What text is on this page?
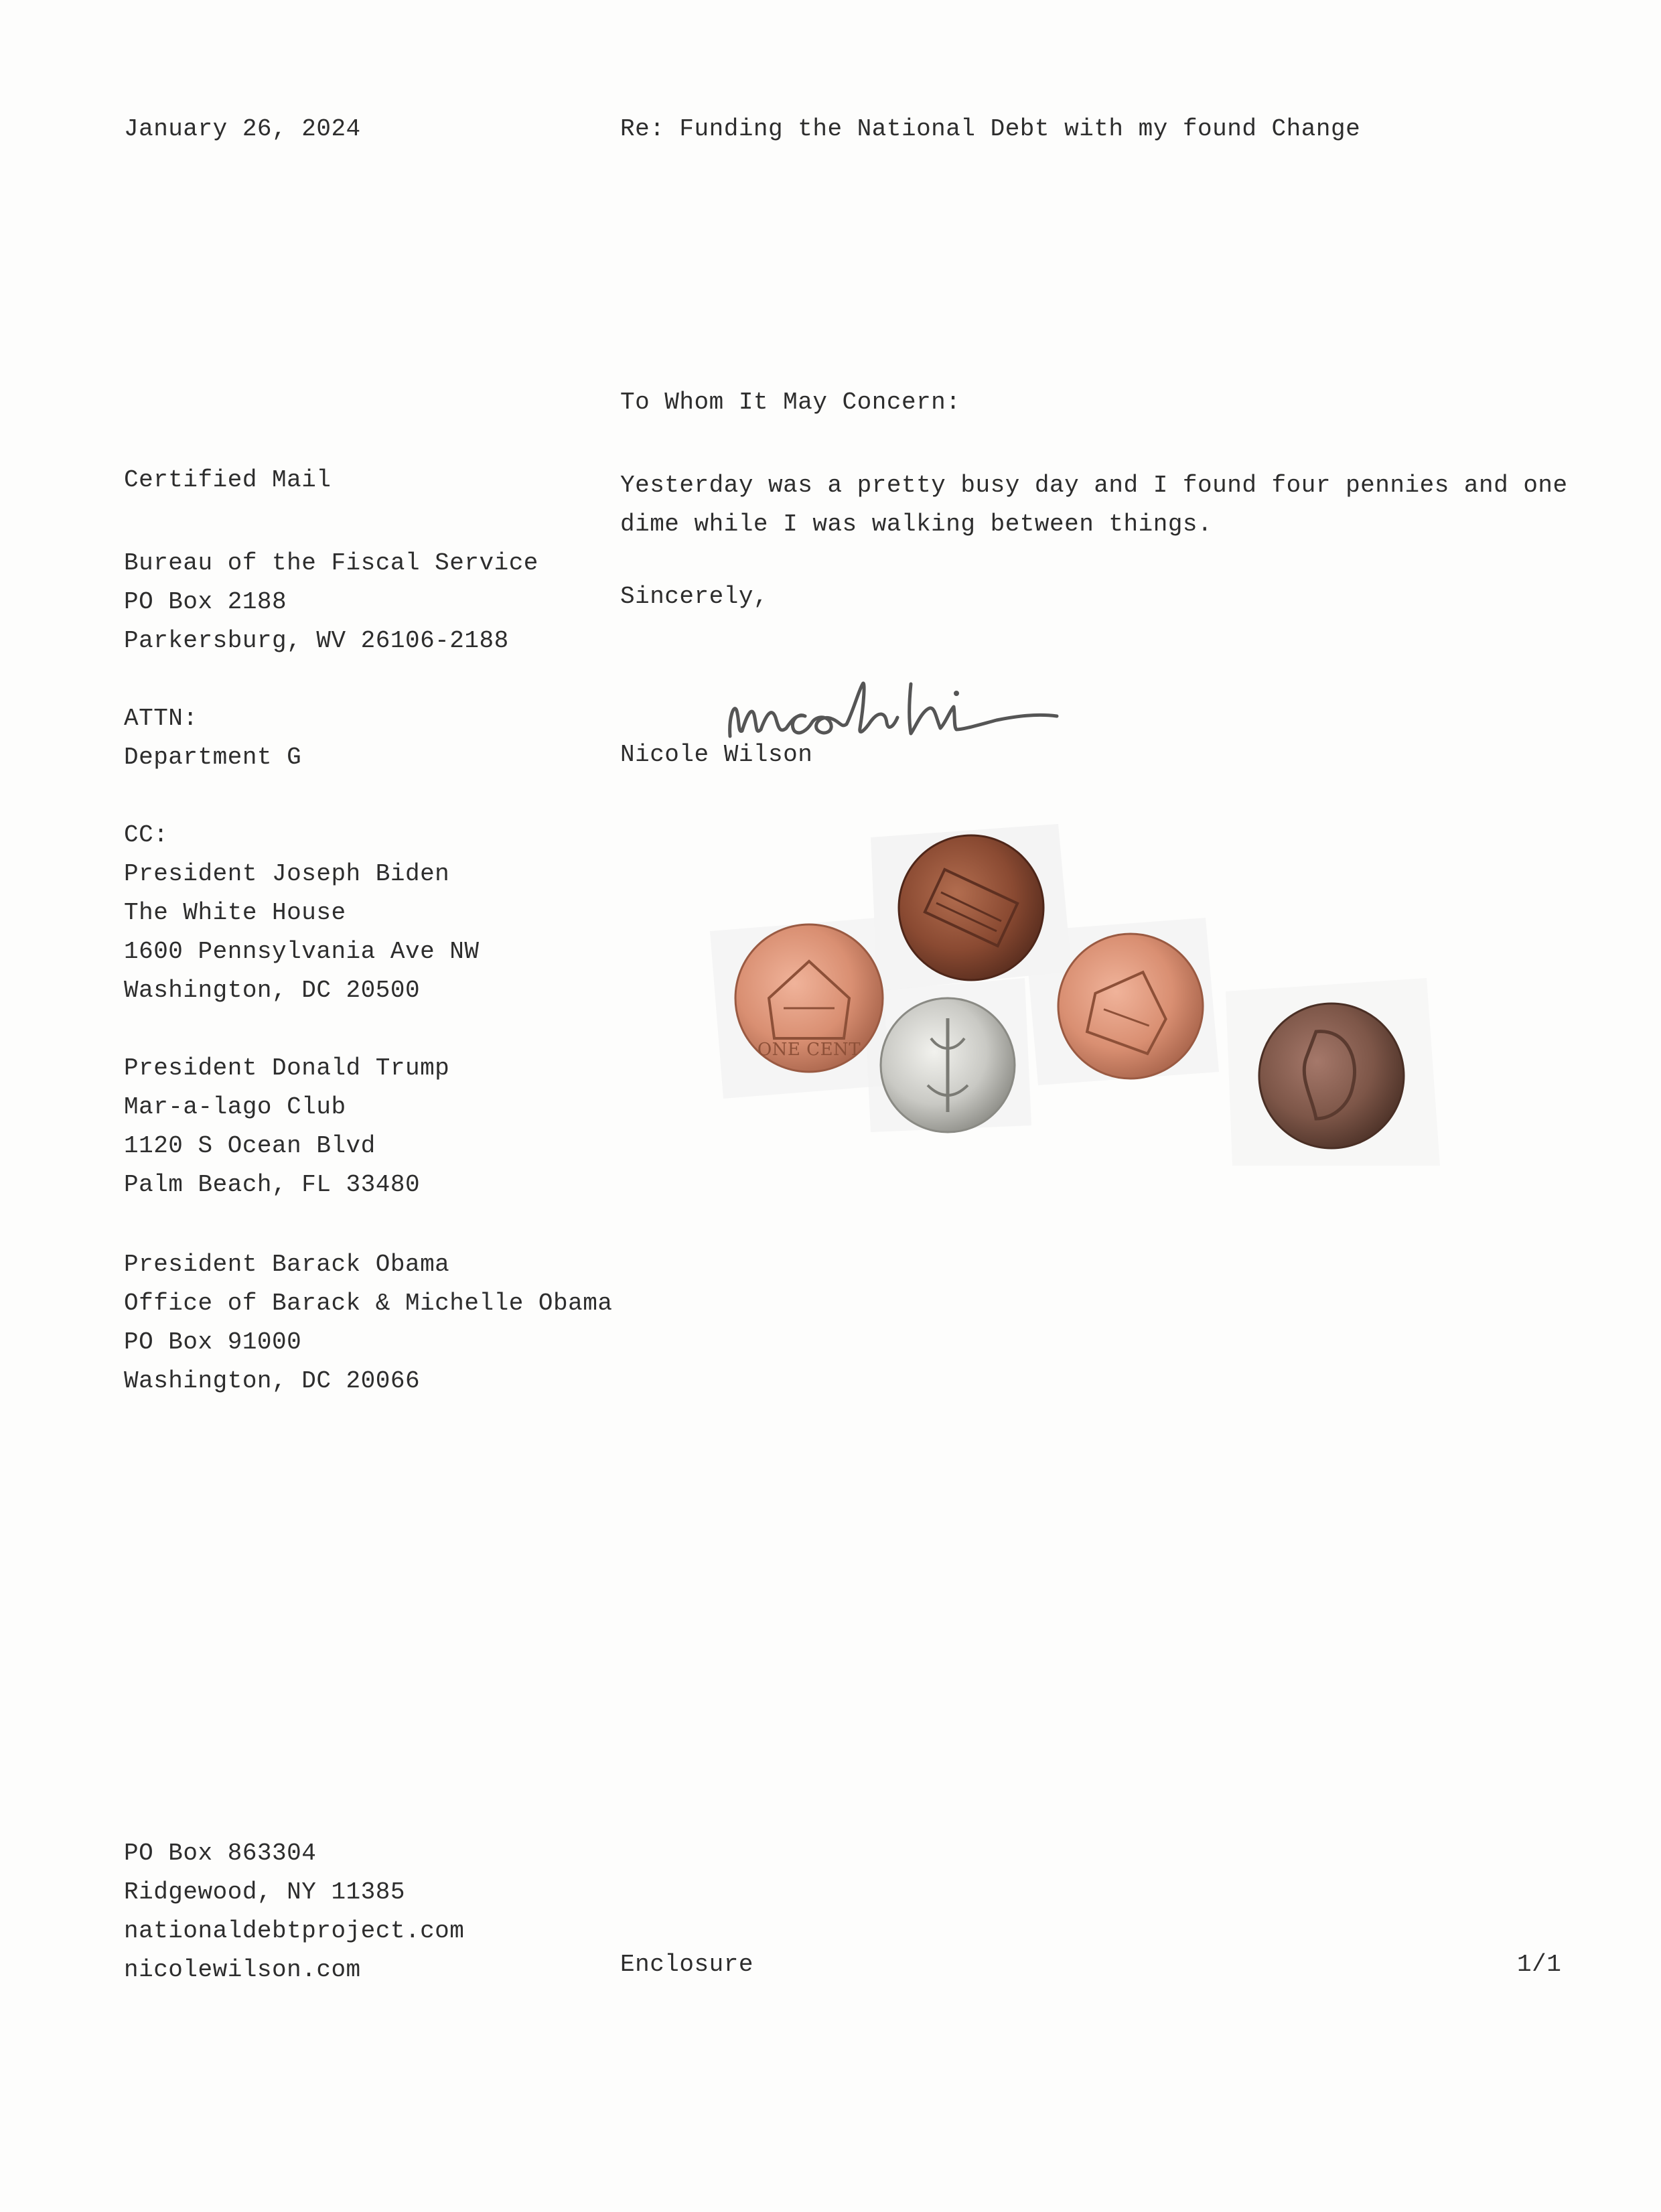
January 26, 2024	Re: Funding the National Debt with my found Change
To Whom It May Concern:
Certified Mail
Bureau of the Fiscal Service
PO Box 2188
Parkersburg, WV 26106-2188
ATTN:
Department G
CC:
President Joseph Biden
The White House
1600 Pennsylvania Ave NW
Washington, DC 20500
President Donald Trump
Mar-a-lago Club
1120 S Ocean Blvd
Palm Beach, FL 33480
President Barack Obama
Office of Barack & Michelle Obama
PO Box 91000
Washington, DC 20066
Yesterday was a pretty busy day and I found four pennies and one
dime while I was walking between things.
Sincerely,

Nicole Wilson
ONE CENT
PO Box 863304
Ridgewood, NY 11385
nationaldebtproject.com
nicolewilson.com	Enclosure	1/1
